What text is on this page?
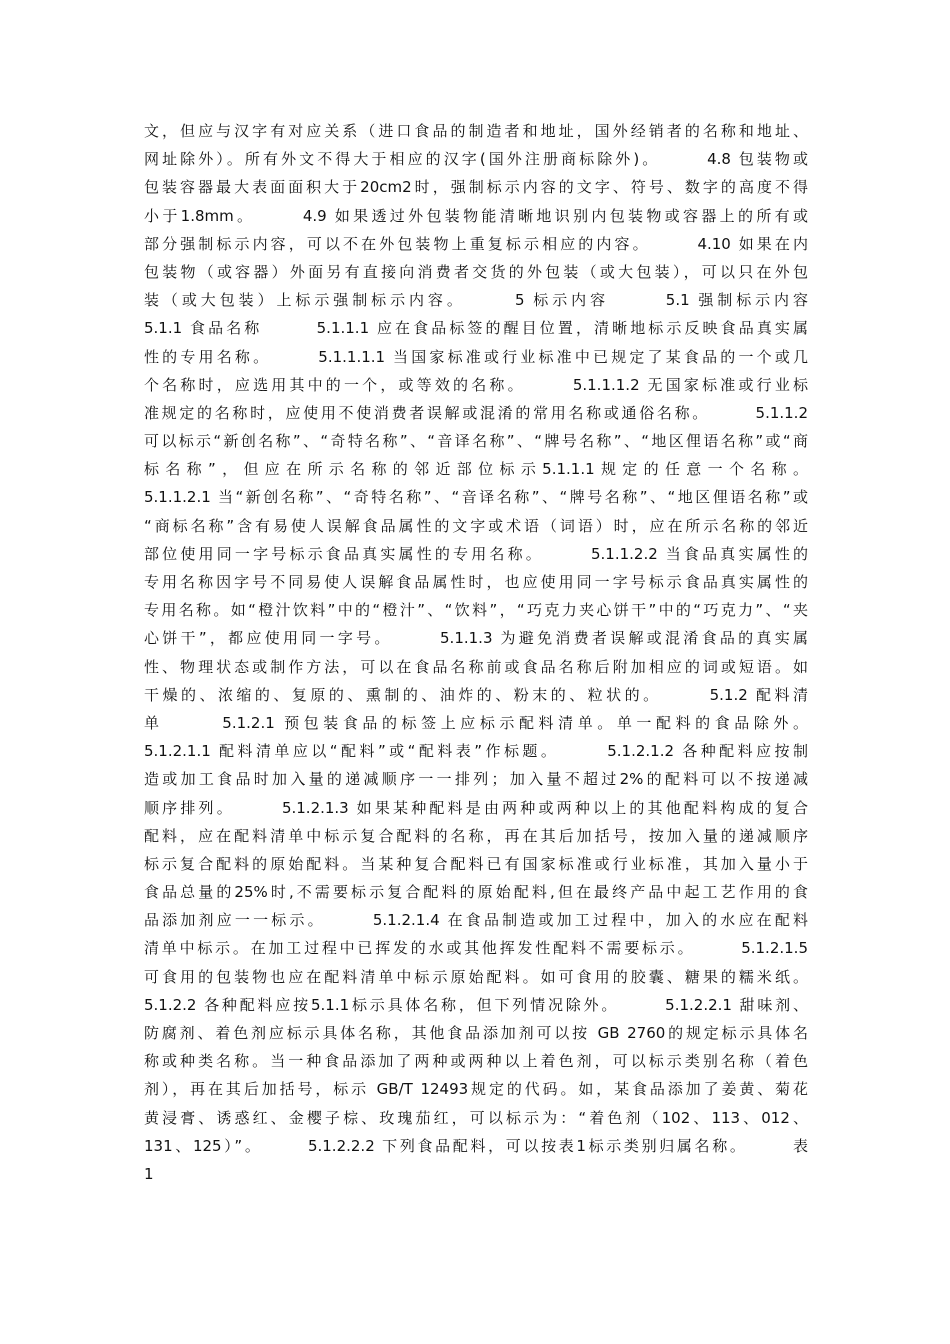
文，但应与汉字有对应关系（进口食品的制造者和地址，国外经销者的名称和地址、
网址除外）。所有外文不得大于相应的汉字(国外注册商标除外)。　　　4.8 包装物或
包装容器最大表面面积大于20cm2时，强制标示内容的文字、符号、数字的高度不得
小于1.8mm。　　　4.9 如果透过外包装物能清晰地识别内包装物或容器上的所有或
部分强制标示内容，可以不在外包装物上重复标示相应的内容。　　　4.10 如果在内
包装物（或容器）外面另有直接向消费者交货的外包装（或大包装），可以只在外包
装（或大包装）上标示强制标示内容。　　　5 标示内容　　　5.1 强制标示内容
5.1.1 食品名称　　　5.1.1.1 应在食品标签的醒目位置，清晰地标示反映食品真实属
性的专用名称。　　　5.1.1.1.1 当国家标准或行业标准中已规定了某食品的一个或几
个名称时，应选用其中的一个，或等效的名称。　　　5.1.1.1.2 无国家标准或行业标
准规定的名称时，应使用不使消费者误解或混淆的常用名称或通俗名称。　　　5.1.1.2
可以标示“新创名称”、“奇特名称”、“音译名称”、“牌号名称”、“地区俚语名称”或“商
标名称”，但应在所示名称的邻近部位标示5.1.1.1规定的任意一个名称。
5.1.1.2.1 当“新创名称”、“奇特名称”、“音译名称”、“牌号名称”、“地区俚语名称”或
“商标名称”含有易使人误解食品属性的文字或术语（词语）时，应在所示名称的邻近
部位使用同一字号标示食品真实属性的专用名称。　　　5.1.1.2.2 当食品真实属性的
专用名称因字号不同易使人误解食品属性时，也应使用同一字号标示食品真实属性的
专用名称。如“橙汁饮料”中的“橙汁”、“饮料”，“巧克力夹心饼干”中的“巧克力”、“夹
心饼干”，都应使用同一字号。　　　5.1.1.3 为避免消费者误解或混淆食品的真实属
性、物理状态或制作方法，可以在食品名称前或食品名称后附加相应的词或短语。如
干燥的、浓缩的、复原的、熏制的、油炸的、粉末的、粒状的。　　　5.1.2 配料清
单　　　5.1.2.1 预包装食品的标签上应标示配料清单。单一配料的食品除外。
5.1.2.1.1 配料清单应以“配料”或“配料表”作标题。　　　5.1.2.1.2 各种配料应按制
造或加工食品时加入量的递减顺序一一排列；加入量不超过2%的配料可以不按递减
顺序排列。　　　5.1.2.1.3 如果某种配料是由两种或两种以上的其他配料构成的复合
配料，应在配料清单中标示复合配料的名称，再在其后加括号，按加入量的递减顺序
标示复合配料的原始配料。当某种复合配料已有国家标准或行业标准，其加入量小于
食品总量的25%时,不需要标示复合配料的原始配料,但在最终产品中起工艺作用的食
品添加剂应一一标示。　　　5.1.2.1.4 在食品制造或加工过程中，加入的水应在配料
清单中标示。在加工过程中已挥发的水或其他挥发性配料不需要标示。　　　5.1.2.1.5
可食用的包装物也应在配料清单中标示原始配料。如可食用的胶囊、糖果的糯米纸。
5.1.2.2 各种配料应按5.1.1标示具体名称，但下列情况除外。　　　5.1.2.2.1 甜味剂、
防腐剂、着色剂应标示具体名称，其他食品添加剂可以按 GB 2760的规定标示具体名
称或种类名称。当一种食品添加了两种或两种以上着色剂，可以标示类别名称（着色
剂），再在其后加括号，标示 GB/T 12493规定的代码。如，某食品添加了姜黄、菊花
黄浸膏、诱惑红、金樱子棕、玫瑰茄红，可以标示为：“着色剂（102、113、012、
131、125）”。　　　5.1.2.2.2 下列食品配料，可以按表1标示类别归属名称。　　　表
1
